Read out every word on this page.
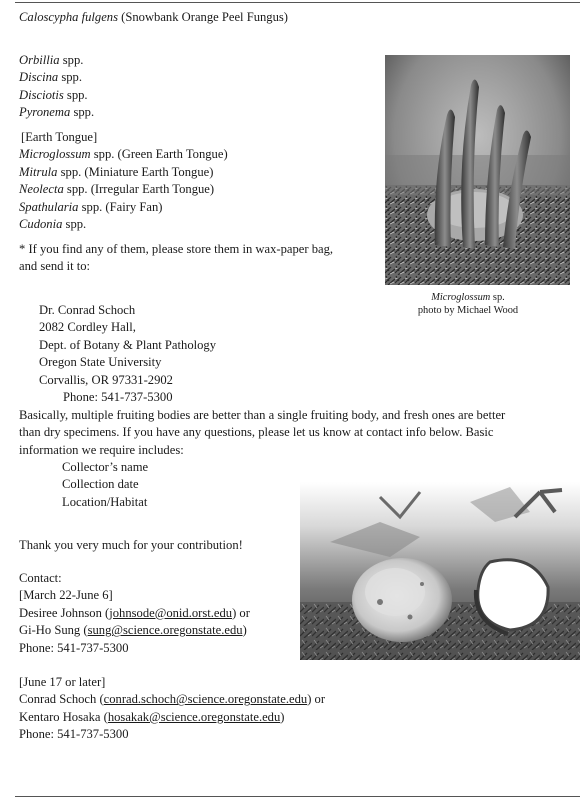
Caloscypha fulgens (Snowbank Orange Peel Fungus)
Orbillia spp.
Discina spp.
Disciotis spp.
Pyronema spp.
[Earth Tongue]
Microglossum spp. (Green Earth Tongue)
Mitrula spp. (Miniature Earth Tongue)
Neolecta spp. (Irregular Earth Tongue)
Spathularia spp. (Fairy Fan)
Cudonia spp.
* If you find any of them, please store them in wax-paper bag,
and send it to:
Dr. Conrad Schoch
2082 Cordley Hall,
Dept. of Botany & Plant Pathology
Oregon State University
Corvallis, OR 97331-2902
Phone: 541-737-5300
Microglossum sp.
photo by Michael Wood
Basically, multiple fruiting bodies are better than a single fruiting body, and fresh ones are better
than dry specimens. If you have any questions, please let us know at contact info below. Basic
information we require includes:
Collector’s name
Collection date
Location/Habitat
Thank you very much for your contribution!
Contact:
[March 22-June 6]
Desiree Johnson (johnsode@onid.orst.edu) or
Gi-Ho Sung (sung@science.oregonstate.edu)
Phone: 541-737-5300
[June 17 or later]
Conrad Schoch (conrad.schoch@science.oregonstate.edu) or
Kentaro Hosaka (hosakak@science.oregonstate.edu)
Phone: 541-737-5300
